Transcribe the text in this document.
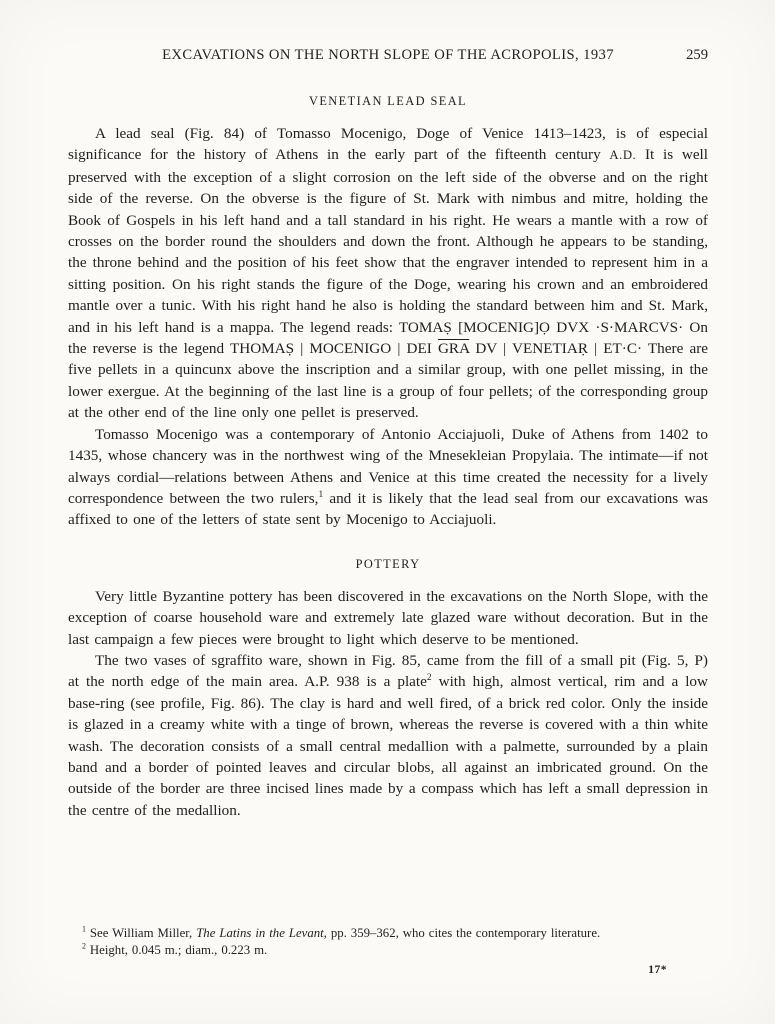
EXCAVATIONS ON THE NORTH SLOPE OF THE ACROPOLIS, 1937	259
VENETIAN LEAD SEAL

A lead seal (Fig. 84) of Tomasso Mocenigo, Doge of Venice 1413–1423, is of especial significance for the history of Athens in the early part of the fifteenth century A.D. It is well preserved with the exception of a slight corrosion on the left side of the obverse and on the right side of the reverse. On the obverse is the figure of St. Mark with nimbus and mitre, holding the Book of Gospels in his left hand and a tall standard in his right. He wears a mantle with a row of crosses on the border round the shoulders and down the front. Although he appears to be standing, the throne behind and the position of his feet show that the engraver intended to represent him in a sitting position. On his right stands the figure of the Doge, wearing his crown and an embroidered mantle over a tunic. With his right hand he also is holding the standard between him and St. Mark, and in his left hand is a mappa. The legend reads: TOMAṢ [MOCENIG]Ọ DVX ·S·MARCVS· On the reverse is the legend THOMAṢ | MOCENIGO | DEI $\overline{GRA}$ DV | VENETIAṚ | ET·C· There are five pellets in a quincunx above the inscription and a similar group, with one pellet missing, in the lower exergue. At the beginning of the last line is a group of four pellets; of the corresponding group at the other end of the line only one pellet is preserved.

Tomasso Mocenigo was a contemporary of Antonio Acciajuoli, Duke of Athens from 1402 to 1435, whose chancery was in the northwest wing of the Mnesekleian Propylaia. The intimate—if not always cordial—relations between Athens and Venice at this time created the necessity for a lively correspondence between the two rulers,$^1$ and it is likely that the lead seal from our excavations was affixed to one of the letters of state sent by Mocenigo to Acciajuoli.

POTTERY

Very little Byzantine pottery has been discovered in the excavations on the North Slope, with the exception of coarse household ware and extremely late glazed ware without decoration. But in the last campaign a few pieces were brought to light which deserve to be mentioned.

The two vases of sgraffito ware, shown in Fig. 85, came from the fill of a small pit (Fig. 5, P) at the north edge of the main area. A.P. 938 is a plate$^2$ with high, almost vertical, rim and a low base-ring (see profile, Fig. 86). The clay is hard and well fired, of a brick red color. Only the inside is glazed in a creamy white with a tinge of brown, whereas the reverse is covered with a thin white wash. The decoration consists of a small central medallion with a palmette, surrounded by a plain band and a border of pointed leaves and circular blobs, all against an imbricated ground. On the outside of the border are three incised lines made by a compass which has left a small depression in the centre of the medallion.

$^1$ See William Miller, The Latins in the Levant, pp. 359–362, who cites the contemporary literature.

$^2$ Height, 0.045 m.; diam., 0.223 m.

17*
